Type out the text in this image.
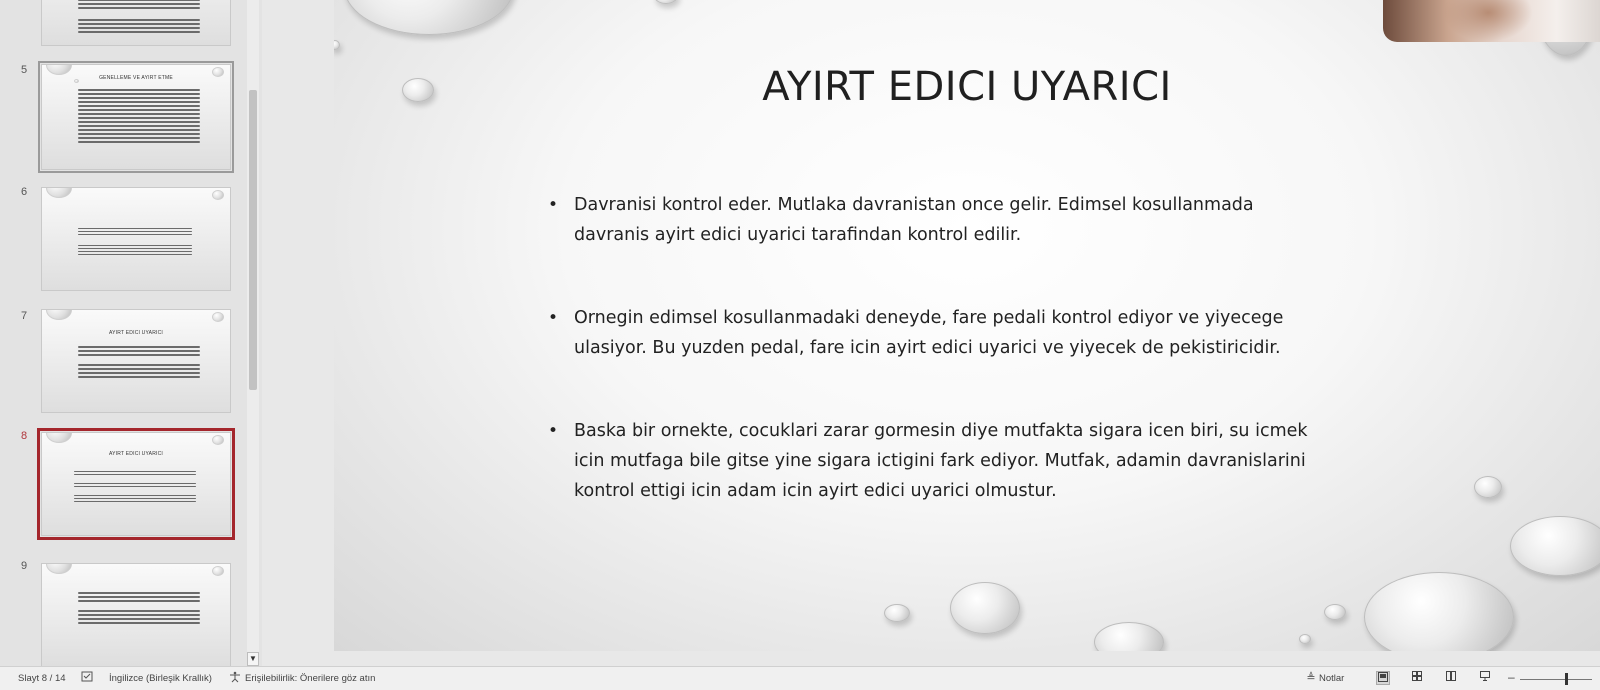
5
GENELLEME VE AYIRT ETME
6
7
AYIRT EDICI UYARICI
8
AYIRT EDICI UYARICI
9
▼
AYIRT EDICI UYARICI
• Davranisi kontrol eder. Mutlaka davranistan once gelir. Edimsel kosullanmada
davranis ayirt edici uyarici tarafindan kontrol edilir.
• Ornegin edimsel kosullanmadaki deneyde, fare pedali kontrol ediyor ve yiyecege
ulasiyor. Bu yuzden pedal, fare icin ayirt edici uyarici ve yiyecek de pekistiricidir.
• Baska bir ornekte, cocuklari zarar gormesin diye mutfakta sigara icen biri, su icmek
icin mutfaga bile gitse yine sigara ictigini fark ediyor. Mutfak, adamin davranislarini
kontrol ettigi icin adam icin ayirt edici uyarici olmustur.
Slayt 8 / 14	İngilizce (Birleşik Krallık)	Erişilebilirlik: Önerilere göz atın	≜ Notlar	–
